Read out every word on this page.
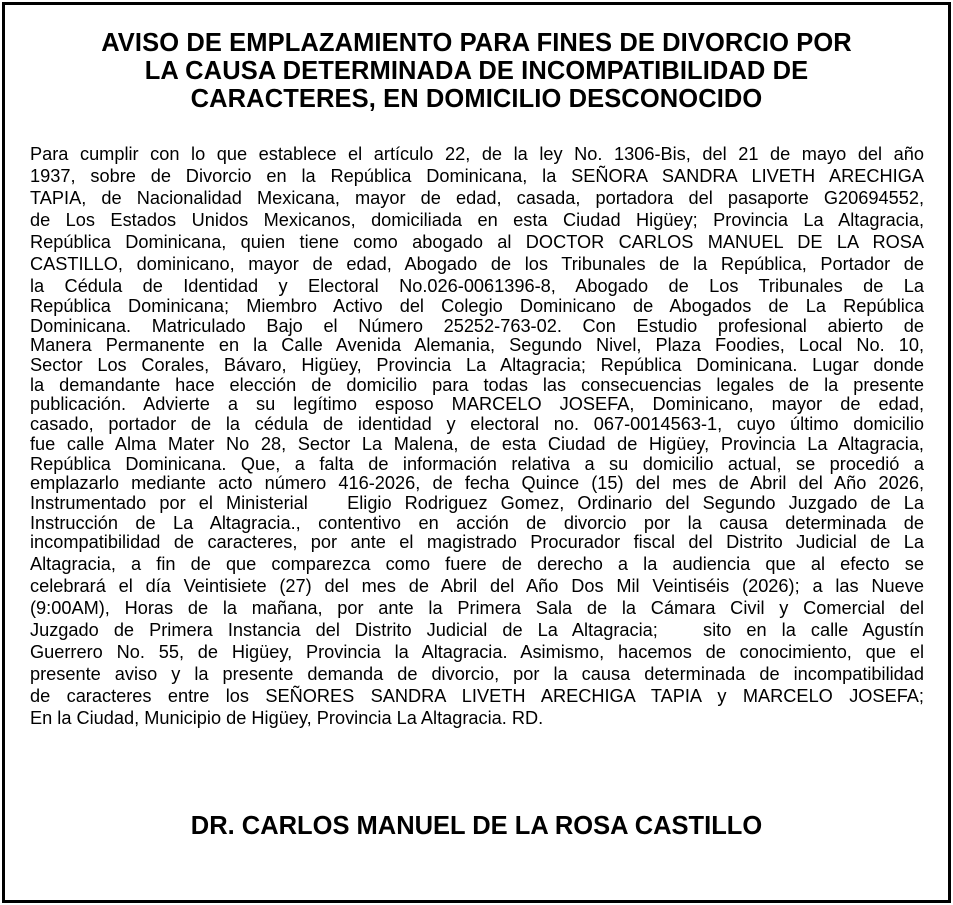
AVISO DE EMPLAZAMIENTO PARA FINES DE DIVORCIO POR
LA CAUSA DETERMINADA DE INCOMPATIBILIDAD DE
CARACTERES, EN DOMICILIO DESCONOCIDO
Para cumplir con lo que establece el artículo 22, de la ley No. 1306-Bis, del 21 de mayo del año
1937, sobre de Divorcio en la República Dominicana, la SEÑORA SANDRA LIVETH ARECHIGA
TAPIA, de Nacionalidad Mexicana, mayor de edad, casada, portadora del pasaporte G20694552,
de Los Estados Unidos Mexicanos, domiciliada en esta Ciudad Higüey; Provincia La Altagracia,
República Dominicana, quien tiene como abogado al DOCTOR CARLOS MANUEL DE LA ROSA
CASTILLO, dominicano, mayor de edad, Abogado de los Tribunales de la República, Portador de
la Cédula de Identidad y Electoral No.026-0061396-8, Abogado de Los Tribunales de La
República Dominicana; Miembro Activo del Colegio Dominicano de Abogados de La República
Dominicana. Matriculado Bajo el Número 25252-763-02. Con Estudio profesional abierto de
Manera Permanente en la Calle Avenida Alemania, Segundo Nivel, Plaza Foodies, Local No. 10,
Sector Los Corales, Bávaro, Higüey, Provincia La Altagracia; República Dominicana. Lugar donde
la demandante hace elección de domicilio para todas las consecuencias legales de la presente
publicación. Advierte a su legítimo esposo MARCELO JOSEFA, Dominicano, mayor de edad,
casado, portador de la cédula de identidad y electoral no. 067-0014563-1, cuyo último domicilio
fue calle Alma Mater No 28, Sector La Malena, de esta Ciudad de Higüey, Provincia La Altagracia,
República Dominicana. Que, a falta de información relativa a su domicilio actual, se procedió a
emplazarlo mediante acto número 416-2026, de fecha Quince (15) del mes de Abril del Año 2026,
Instrumentado por el Ministerial   Eligio Rodriguez Gomez, Ordinario del Segundo Juzgado de La
Instrucción de La Altagracia., contentivo en acción de divorcio por la causa determinada de
incompatibilidad de caracteres, por ante el magistrado Procurador fiscal del Distrito Judicial de La
Altagracia, a fin de que comparezca como fuere de derecho a la audiencia que al efecto se
celebrará el día Veintisiete (27) del mes de Abril del Año Dos Mil Veintiséis (2026); a las Nueve
(9:00AM), Horas de la mañana, por ante la Primera Sala de la Cámara Civil y Comercial del
Juzgado de Primera Instancia del Distrito Judicial de La Altagracia;   sito en la calle Agustín
Guerrero No. 55, de Higüey, Provincia la Altagracia. Asimismo, hacemos de conocimiento, que el
presente aviso y la presente demanda de divorcio, por la causa determinada de incompatibilidad
de caracteres entre los SEÑORES SANDRA LIVETH ARECHIGA TAPIA y MARCELO JOSEFA;
En la Ciudad, Municipio de Higüey, Provincia La Altagracia. RD.

DR. CARLOS MANUEL DE LA ROSA CASTILLO
